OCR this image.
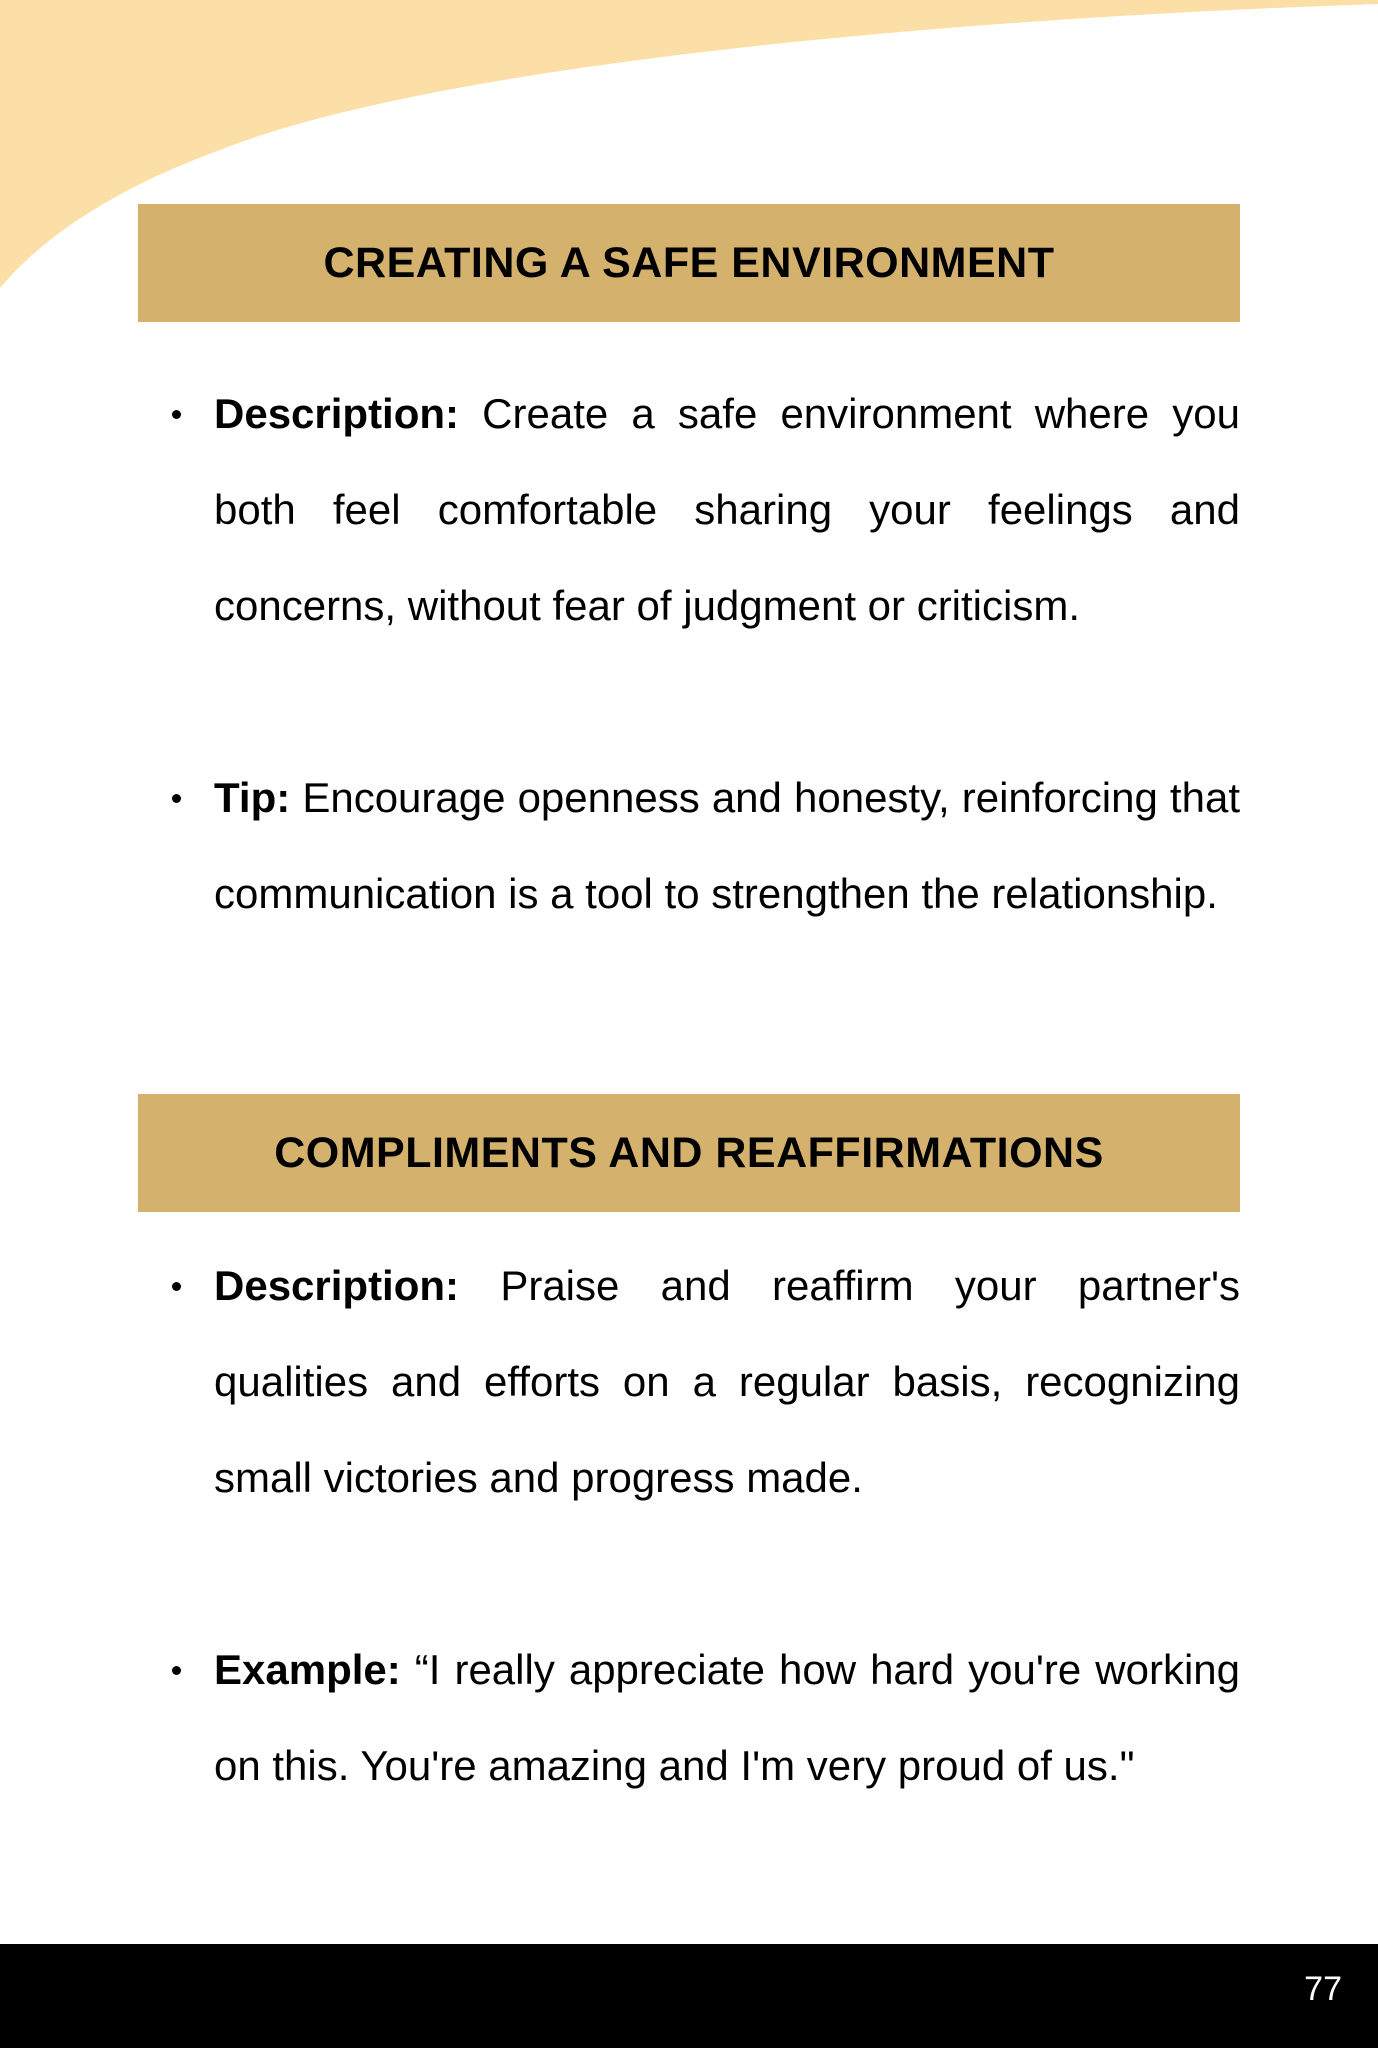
CREATING A SAFE ENVIRONMENT
Description: Create a safe environment where you both feel comfortable sharing your feelings and concerns, without fear of judgment or criticism.
Tip: Encourage openness and honesty, reinforcing that communication is a tool to strengthen the relationship.
COMPLIMENTS AND REAFFIRMATIONS
Description: Praise and reaffirm your partner's qualities and efforts on a regular basis, recognizing small victories and progress made.
Example: “I really appreciate how hard you're working on this. You're amazing and I'm very proud of us."
77
